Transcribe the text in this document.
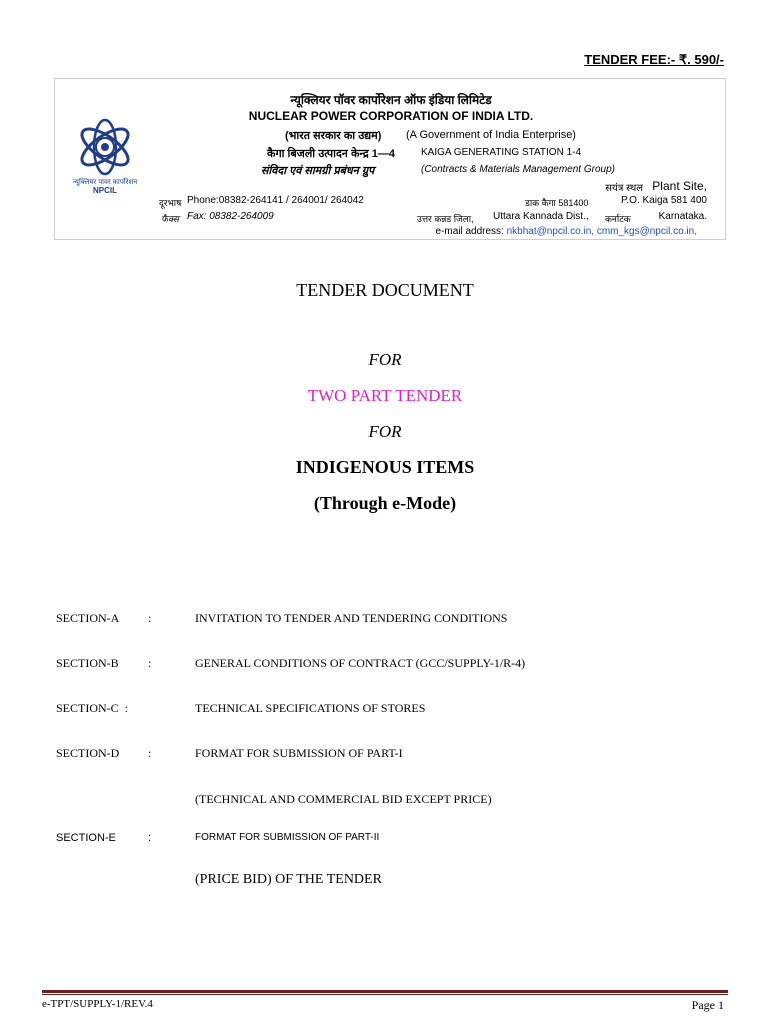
TENDER FEE:- ₹. 590/-
न्यूक्लियर पावर कार्पोरेशन
NPCIL
न्यूक्लियर पॉवर कार्पोरेशन ऑफ इंडिया लिमिटेड
NUCLEAR POWER CORPORATION OF INDIA LTD.
(भारत सरकार का उद्यम) (A Government of India Enterprise)
कैगा बिजली उत्पादन केन्द्र 1—4	KAIGA GENERATING STATION 1-4
संविदा एवं सामग्री प्रबंधन ग्रुप	(Contracts & Materials Management Group)
सयंत्र स्थल Plant Site,
दूरभाष Phone:08382-264141 / 264001/ 264042	डाक कैगा 581400	P.O. Kaiga 581 400
फैक्स Fax: 08382-264009	उत्तर कन्नड जिला, Uttara Kannada Dist., कर्नाटक	Karnataka.
e-mail address: nkbhat@npcil.co.in, cmm_kgs@npcil.co.in,
TENDER DOCUMENT
FOR
TWO PART TENDER
FOR
INDIGENOUS ITEMS
(Through e-Mode)
SECTION-A :	INVITATION TO TENDER AND TENDERING CONDITIONS
SECTION-B :	GENERAL CONDITIONS OF CONTRACT (GCC/SUPPLY-1/R-4)
SECTION-C  :	TECHNICAL SPECIFICATIONS OF STORES
SECTION-D :	FORMAT FOR SUBMISSION OF PART-I
(TECHNICAL AND COMMERCIAL BID EXCEPT PRICE)
SECTION-E	:	FORMAT FOR SUBMISSION OF PART-II
(PRICE BID) OF THE TENDER
e-TPT/SUPPLY-1/REV.4	Page 1
